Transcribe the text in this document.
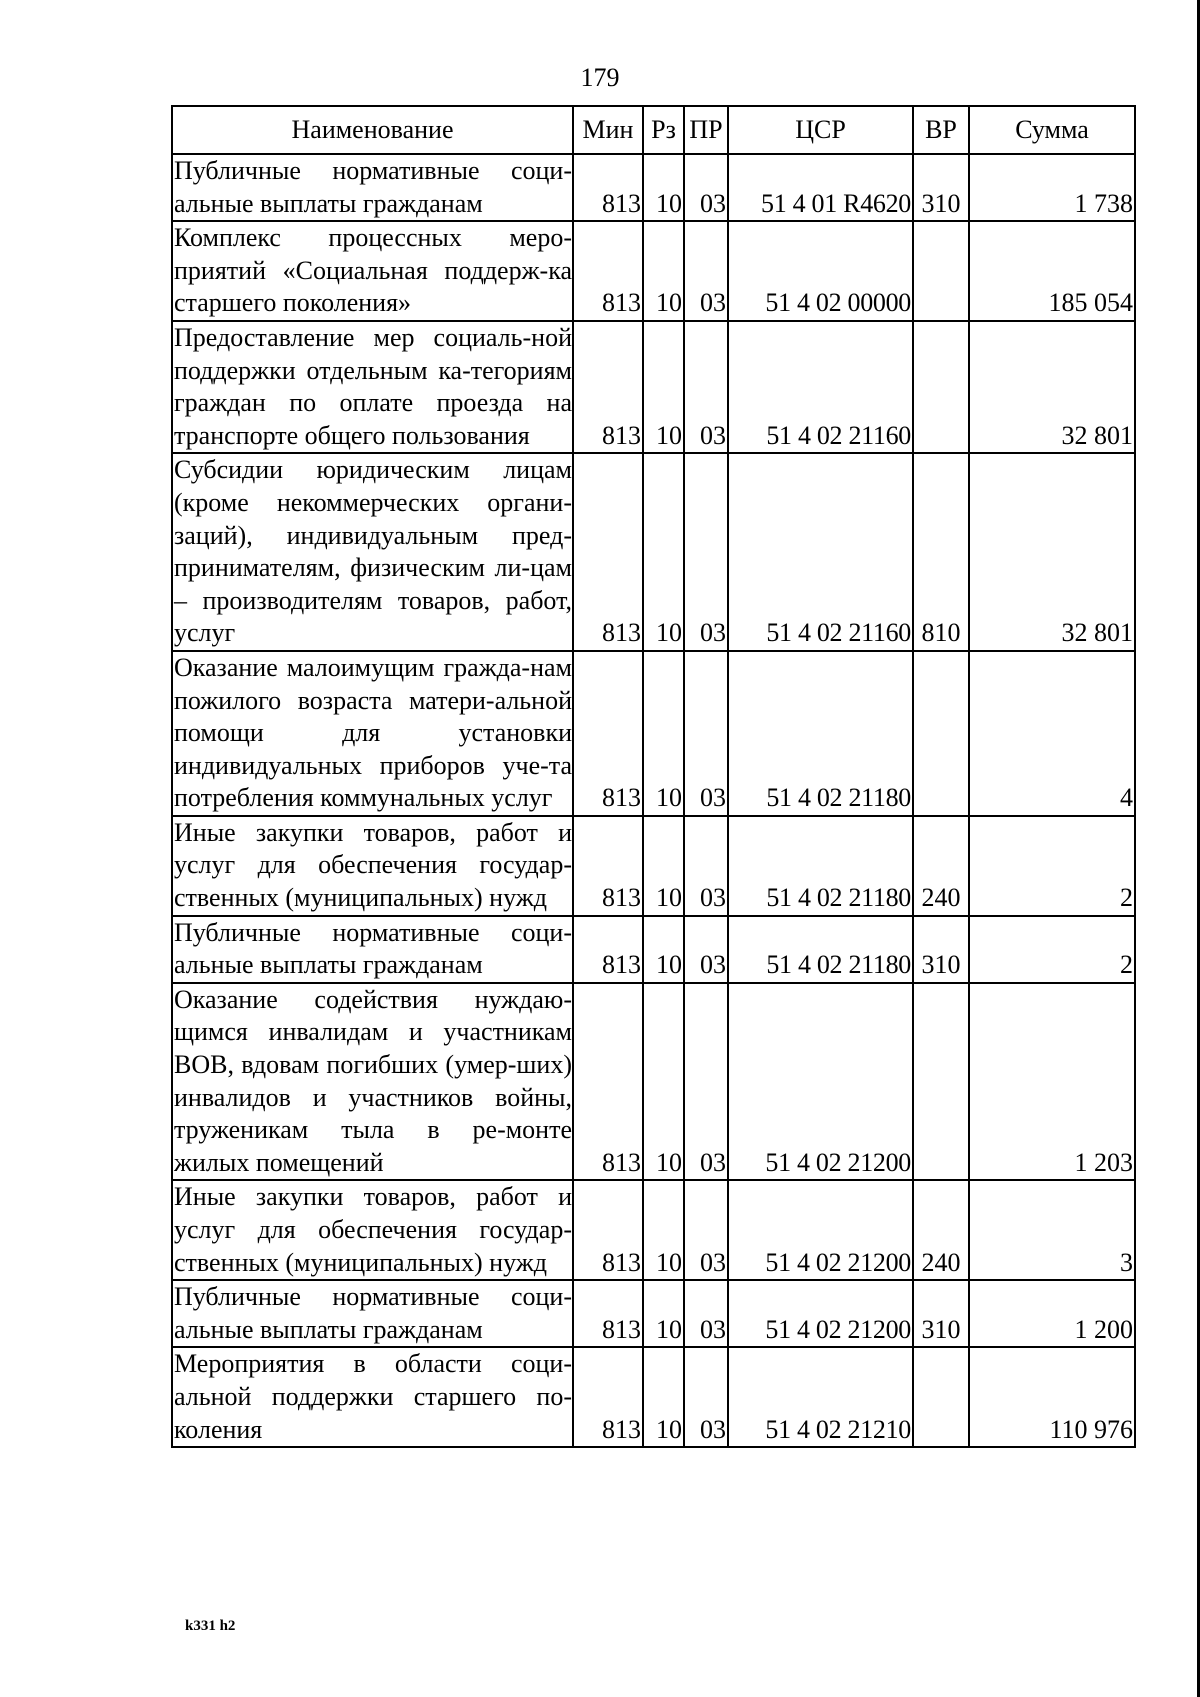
179
Наименование	Мин	Рз	ПР	ЦСР	ВР	Сумма
Публичные нормативные соци-альные выплаты гражданам	813	10	03	51 4 01 R4620	310	1 738
Комплекс процессных меро-приятий «Социальная поддерж-ка старшего поколения»	813	10	03	51 4 02 00000		185 054
Предоставление мер социаль-ной поддержки отдельным ка-тегориям граждан по оплате проезда на транспорте общего пользования	813	10	03	51 4 02 21160		32 801
Субсидии юридическим лицам (кроме некоммерческих органи-заций), индивидуальным пред-принимателям, физическим ли-цам – производителям товаров, работ, услуг	813	10	03	51 4 02 21160	810	32 801
Оказание малоимущим гражда-нам пожилого возраста матери-альной помощи для установки индивидуальных приборов уче-та потребления коммунальных услуг	813	10	03	51 4 02 21180		4
Иные закупки товаров, работ и услуг для обеспечения государ-ственных (муниципальных) нужд	813	10	03	51 4 02 21180	240	2
Публичные нормативные соци-альные выплаты гражданам	813	10	03	51 4 02 21180	310	2
Оказание содействия нуждаю-щимся инвалидам и участникам ВОВ, вдовам погибших (умер-ших) инвалидов и участников войны, труженикам тыла в ре-монте жилых помещений	813	10	03	51 4 02 21200		1 203
Иные закупки товаров, работ и услуг для обеспечения государ-ственных (муниципальных) нужд	813	10	03	51 4 02 21200	240	3
Публичные нормативные соци-альные выплаты гражданам	813	10	03	51 4 02 21200	310	1 200
Мероприятия в области соци-альной поддержки старшего по-коления	813	10	03	51 4 02 21210		110 976
k331 h2
